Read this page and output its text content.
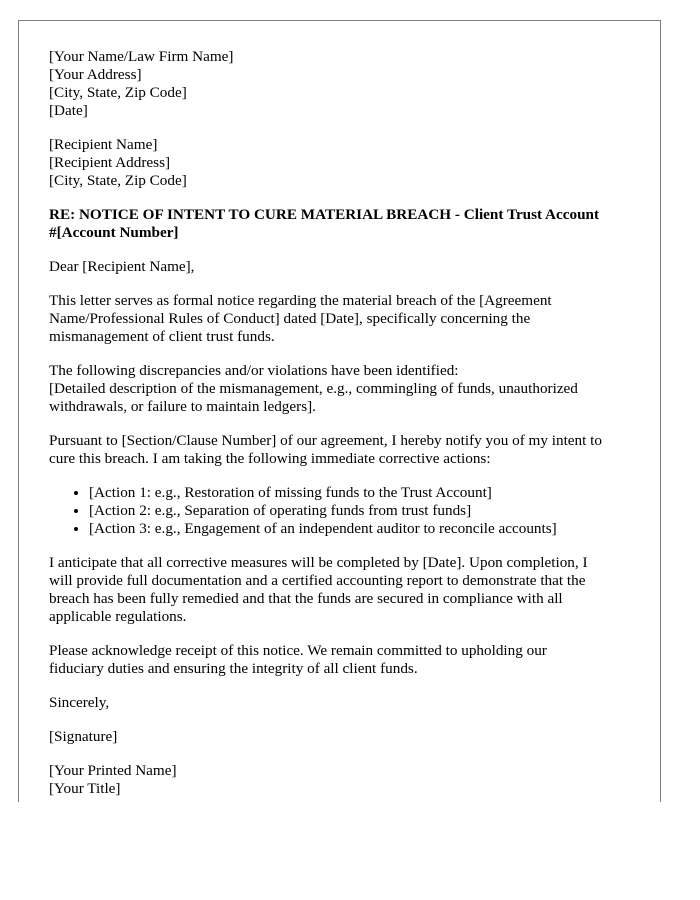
[Your Name/Law Firm Name]
[Your Address]
[City, State, Zip Code]
[Date]
[Recipient Name]
[Recipient Address]
[City, State, Zip Code]
RE: NOTICE OF INTENT TO CURE MATERIAL BREACH - Client Trust Account
#[Account Number]
Dear [Recipient Name],
This letter serves as formal notice regarding the material breach of the [Agreement
Name/Professional Rules of Conduct] dated [Date], specifically concerning the
mismanagement of client trust funds.
The following discrepancies and/or violations have been identified:
[Detailed description of the mismanagement, e.g., commingling of funds, unauthorized
withdrawals, or failure to maintain ledgers].
Pursuant to [Section/Clause Number] of our agreement, I hereby notify you of my intent to
cure this breach. I am taking the following immediate corrective actions:
• [Action 1: e.g., Restoration of missing funds to the Trust Account]
• [Action 2: e.g., Separation of operating funds from trust funds]
• [Action 3: e.g., Engagement of an independent auditor to reconcile accounts]
I anticipate that all corrective measures will be completed by [Date]. Upon completion, I
will provide full documentation and a certified accounting report to demonstrate that the
breach has been fully remedied and that the funds are secured in compliance with all
applicable regulations.
Please acknowledge receipt of this notice. We remain committed to upholding our
fiduciary duties and ensuring the integrity of all client funds.
Sincerely,
[Signature]
[Your Printed Name]
[Your Title]
